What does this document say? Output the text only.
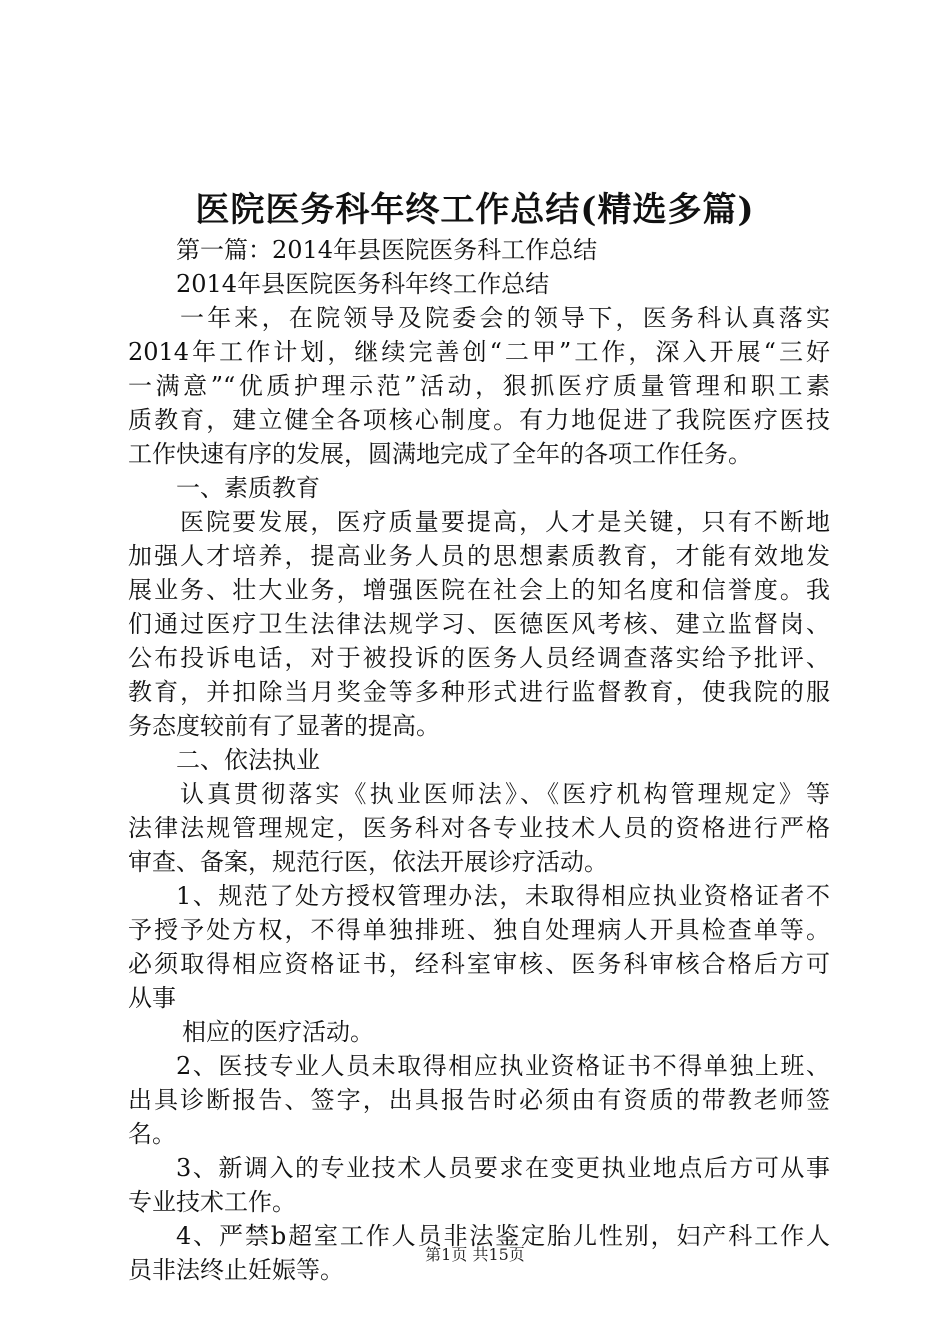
医院医务科年终工作总结(精选多篇)
第一篇：2014年县医院医务科工作总结
2014年县医院医务科年终工作总结
一年来，在院领导及院委会的领导下，医务科认真落实
2014年工作计划，继续完善创“二甲”工作，深入开展“三好
一满意”“优质护理示范”活动，狠抓医疗质量管理和职工素
质教育，建立健全各项核心制度。有力地促进了我院医疗医技
工作快速有序的发展，圆满地完成了全年的各项工作任务。
一、素质教育
医院要发展，医疗质量要提高，人才是关键，只有不断地
加强人才培养，提高业务人员的思想素质教育，才能有效地发
展业务、壮大业务，增强医院在社会上的知名度和信誉度。我
们通过医疗卫生法律法规学习、医德医风考核、建立监督岗、
公布投诉电话，对于被投诉的医务人员经调查落实给予批评、
教育，并扣除当月奖金等多种形式进行监督教育，使我院的服
务态度较前有了显著的提高。
二、依法执业
认真贯彻落实《执业医师法》、《医疗机构管理规定》等
法律法规管理规定，医务科对各专业技术人员的资格进行严格
审查、备案，规范行医，依法开展诊疗活动。
1、规范了处方授权管理办法，未取得相应执业资格证者不
予授予处方权，不得单独排班、独自处理病人开具检查单等。
必须取得相应资格证书，经科室审核、医务科审核合格后方可
从事
相应的医疗活动。
2、医技专业人员未取得相应执业资格证书不得单独上班、
出具诊断报告、签字，出具报告时必须由有资质的带教老师签
名。
3、新调入的专业技术人员要求在变更执业地点后方可从事
专业技术工作。
4、严禁b超室工作人员非法鉴定胎儿性别，妇产科工作人
员非法终止妊娠等。
第1页 共15页
